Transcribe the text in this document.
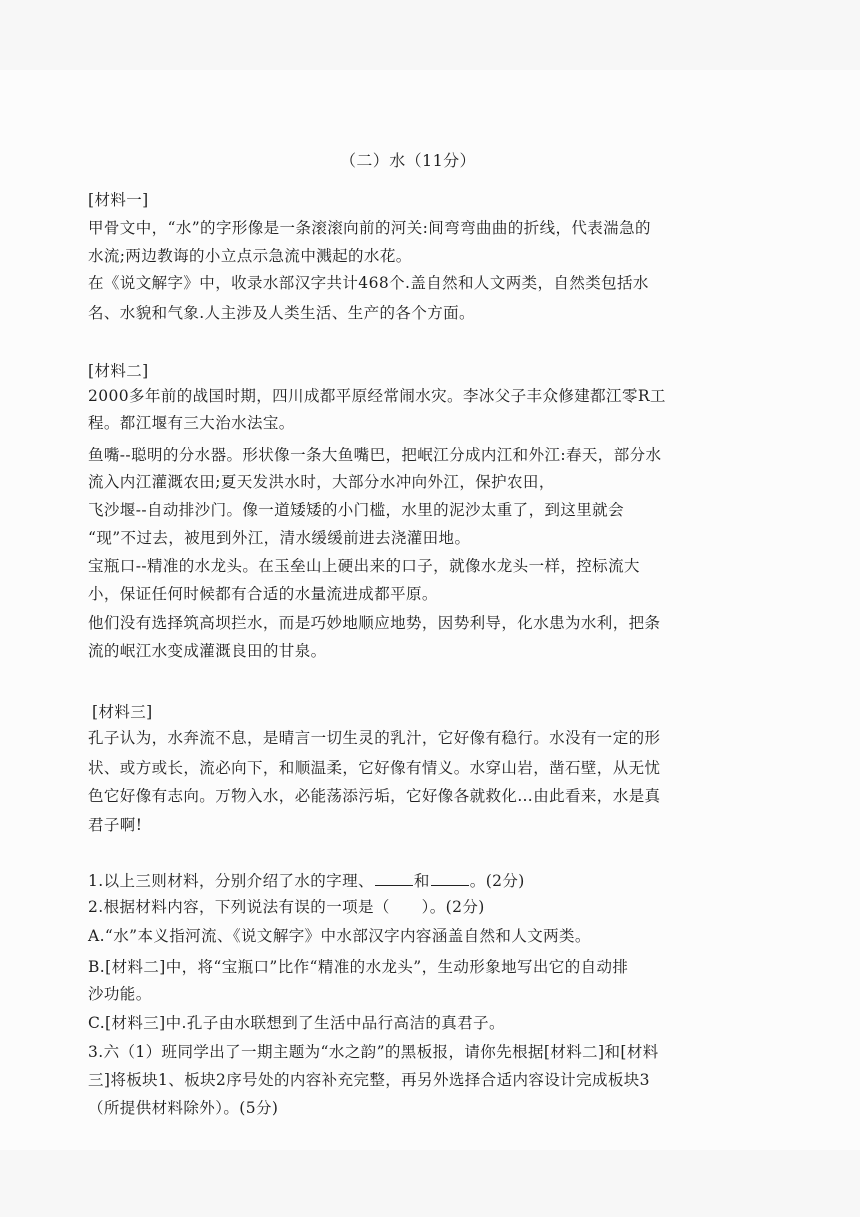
（二）水（11分）
[材料一]
甲骨文中，“水”的字形像是一条滚滚向前的河关:间弯弯曲曲的折线，代表湍急的
水流;两边教诲的小立点示急流中溅起的水花。
在《说文解字》中，收录水部汉字共计468个.盖自然和人文两类，自然类包括水
名、水貌和气象.人主涉及人类生活、生产的各个方面。
[材料二]
2000多年前的战国时期，四川成都平原经常闹水灾。李冰父子丰众修建都江零R工
程。都江堰有三大治水法宝。
鱼嘴--聪明的分水器。形状像一条大鱼嘴巴，把岷江分成内江和外江:春天，部分水
流入内江灌溉农田;夏天发洪水时，大部分水冲向外江，保护农田，
飞沙堰--自动排沙门。像一道矮矮的小门槛，水里的泥沙太重了，到这里就会
“现”不过去，被甩到外江，清水缓缓前进去浇灌田地。
宝瓶口--精准的水龙头。在玉垒山上硬出来的口子，就像水龙头一样，控标流大
小，保证任何时候都有合适的水量流进成都平原。
他们没有选择筑高坝拦水，而是巧妙地顺应地势，因势利导，化水患为水利，把条
流的岷江水变成灌溉良田的甘泉。
[材料三]
孔子认为，水奔流不息，是晴言一切生灵的乳汁，它好像有稳行。水没有一定的形
状、或方或长，流必向下，和顺温柔，它好像有情义。水穿山岩，凿石壁，从无忧
色它好像有志向。万物入水，必能荡添污垢，它好像各就救化…由此看来，水是真
君子啊!
1.以上三则材料，分别介绍了水的字理、	和	。(2分)
2.根据材料内容，下列说法有误的一项是（　　）。(2分)
A.“水”本义指河流、《说文解字》中水部汉字内容涵盖自然和人文两类。
B.[材料二]中，将“宝瓶口”比作“精准的水龙头”，生动形象地写出它的自动排
沙功能。
C.[材料三]中.孔子由水联想到了生活中品行高洁的真君子。
3.六（1）班同学出了一期主题为“水之韵”的黑板报，请你先根据[材料二]和[材料
三]将板块1、板块2序号处的内容补充完整，再另外选择合适内容设计完成板块3
（所提供材料除外）。(5分)
